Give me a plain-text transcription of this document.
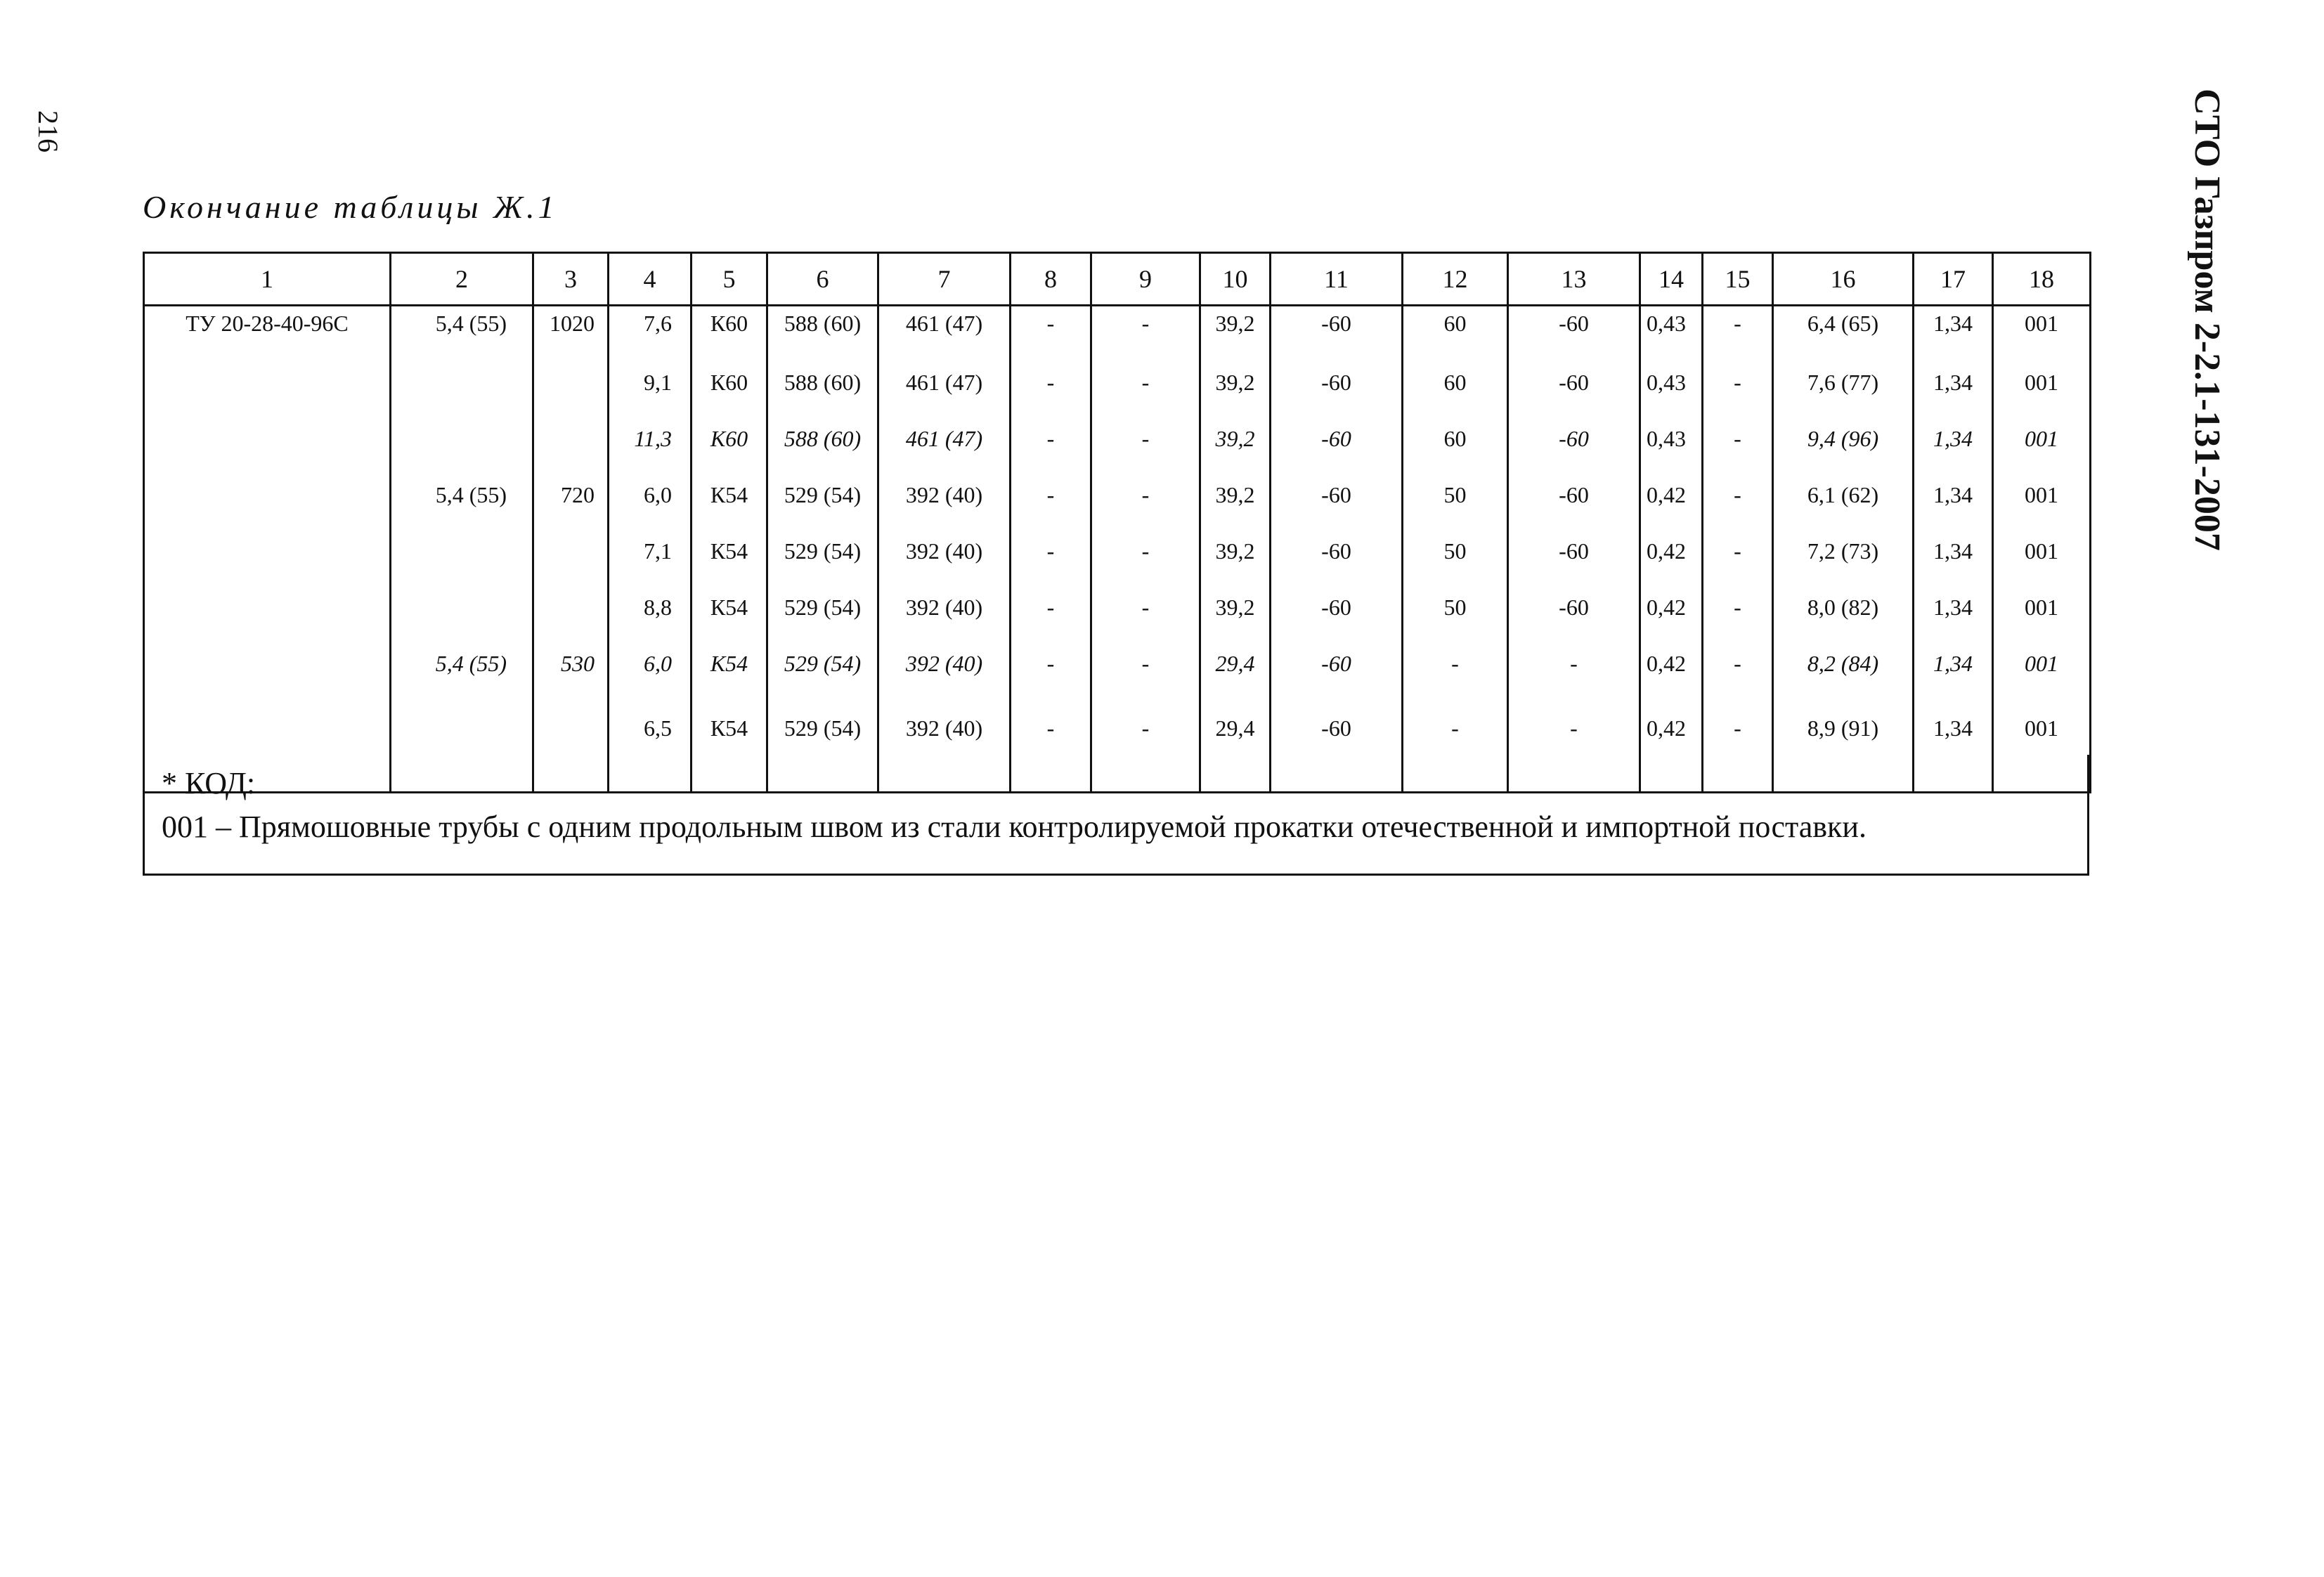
216	СТО Газпром 2-2.1-131-2007
Окончание таблицы Ж.1
1	2	3	4	5	6	7	8	9	10	11	12	13	14	15	16	17	18
ТУ 20-28-40-96С	5,4 (55)	1020	7,6	К60	588 (60)	461 (47)	-	-	39,2	-60	60	-60	0,43	-	6,4 (65)	1,34	001
			9,1	К60	588 (60)	461 (47)	-	-	39,2	-60	60	-60	0,43	-	7,6 (77)	1,34	001
			11,3	К60	588 (60)	461 (47)	-	-	39,2	-60	60	-60	0,43	-	9,4 (96)	1,34	001
	5,4 (55)	720	6,0	К54	529 (54)	392 (40)	-	-	39,2	-60	50	-60	0,42	-	6,1 (62)	1,34	001
			7,1	К54	529 (54)	392 (40)	-	-	39,2	-60	50	-60	0,42	-	7,2 (73)	1,34	001
			8,8	К54	529 (54)	392 (40)	-	-	39,2	-60	50	-60	0,42	-	8,0 (82)	1,34	001
	5,4 (55)	530	6,0	К54	529 (54)	392 (40)	-	-	29,4	-60	-	-	0,42	-	8,2 (84)	1,34	001
			6,5	К54	529 (54)	392 (40)	-	-	29,4	-60	-	-	0,42	-	8,9 (91)	1,34	001
* КОД:
001 – Прямошовные трубы с одним продольным швом из стали контролируемой прокатки отечественной и импортной поставки.
